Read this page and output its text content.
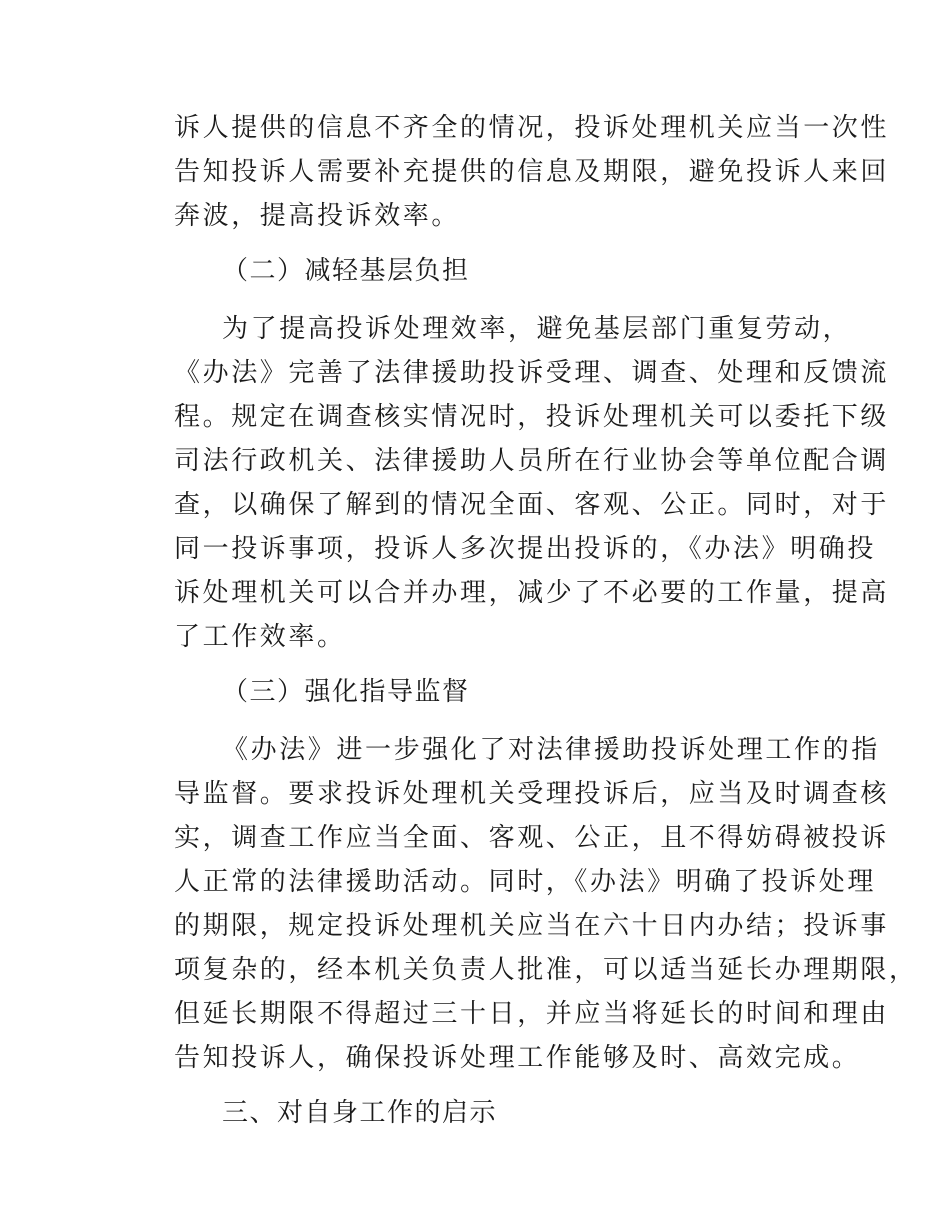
诉人提供的信息不齐全的情况，投诉处理机关应当一次性
告知投诉人需要补充提供的信息及期限，避免投诉人来回
奔波，提高投诉效率。
（二）减轻基层负担
为了提高投诉处理效率，避免基层部门重复劳动，
《办法》完善了法律援助投诉受理、调查、处理和反馈流
程。规定在调查核实情况时，投诉处理机关可以委托下级
司法行政机关、法律援助人员所在行业协会等单位配合调
查，以确保了解到的情况全面、客观、公正。同时，对于
同一投诉事项，投诉人多次提出投诉的，《办法》明确投
诉处理机关可以合并办理，减少了不必要的工作量，提高
了工作效率。
（三）强化指导监督
《办法》进一步强化了对法律援助投诉处理工作的指
导监督。要求投诉处理机关受理投诉后，应当及时调查核
实，调查工作应当全面、客观、公正，且不得妨碍被投诉
人正常的法律援助活动。同时，《办法》明确了投诉处理
的期限，规定投诉处理机关应当在六十日内办结；投诉事
项复杂的，经本机关负责人批准，可以适当延长办理期限，
但延长期限不得超过三十日，并应当将延长的时间和理由
告知投诉人，确保投诉处理工作能够及时、高效完成。
三、对自身工作的启示
